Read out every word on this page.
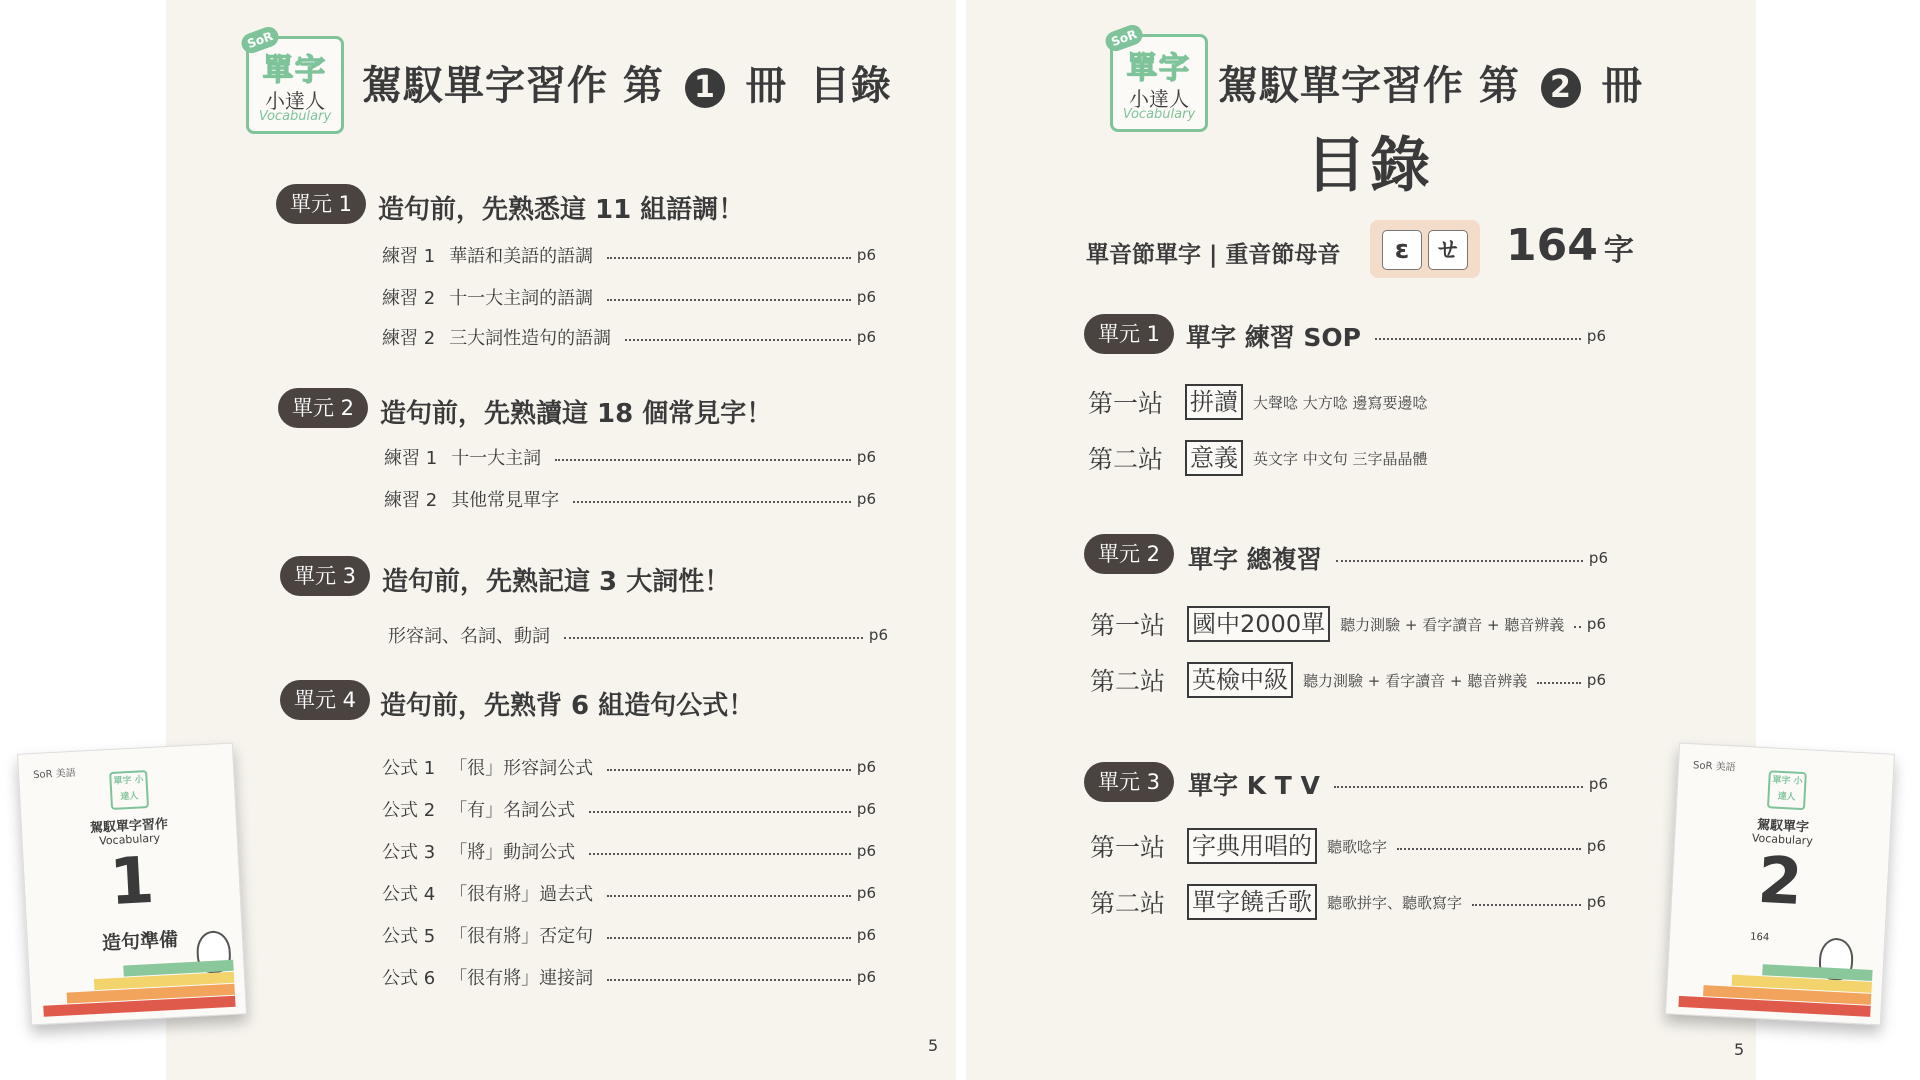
SoR
單字
小達人
Vocabulary
駕馭單字習作 第 1 冊 目錄
單元 1 造句前，先熟悉這 11 組語調！
練習 1 華語和美語的語調	p6
練習 2 十一大主詞的語調	p6
練習 2 三大詞性造句的語調	p6
單元 2 造句前，先熟讀這 18 個常見字！
練習 1 十一大主詞	p6
練習 2 其他常見單字	p6
單元 3 造句前，先熟記這 3 大詞性！
形容詞、名詞、動詞	p6
單元 4 造句前，先熟背 6 組造句公式！
公式 1 「很」形容詞公式	p6
公式 2 「有」名詞公式	p6
公式 3 「將」動詞公式	p6
公式 4 「很有將」過去式	p6
公式 5 「很有將」否定句	p6
公式 6 「很有將」連接詞	p6
5
SoR
單字
小達人
Vocabulary
駕馭單字習作 第 2 冊
目錄
單音節單字 | 重音節母音	ɛ ㄝ 164 字
單元 1	單字 練習 SOP	p6
第一站 拼讀	大聲唸 大方唸 邊寫要邊唸
第二站 意義	英文字 中文句 三字晶晶體
單元 2	單字 總複習	p6
第一站 國中2000單	聽力測驗 + 看字讀音 + 聽音辨義 p6
第二站 英檢中級	聽力測驗 + 看字讀音 + 聽音辨義	p6
單元 3	單字 K T V	p6
第一站 字典用唱的	聽歌唸字	p6
第二站 單字饒舌歌	聽歌拼字、聽歌寫字	p6
5
SoR 美語
單字 小達人
駕馭單字習作
Vocabulary
1
造句準備
SoR 美語
單字 小達人
駕馭單字
Vocabulary
2
164
